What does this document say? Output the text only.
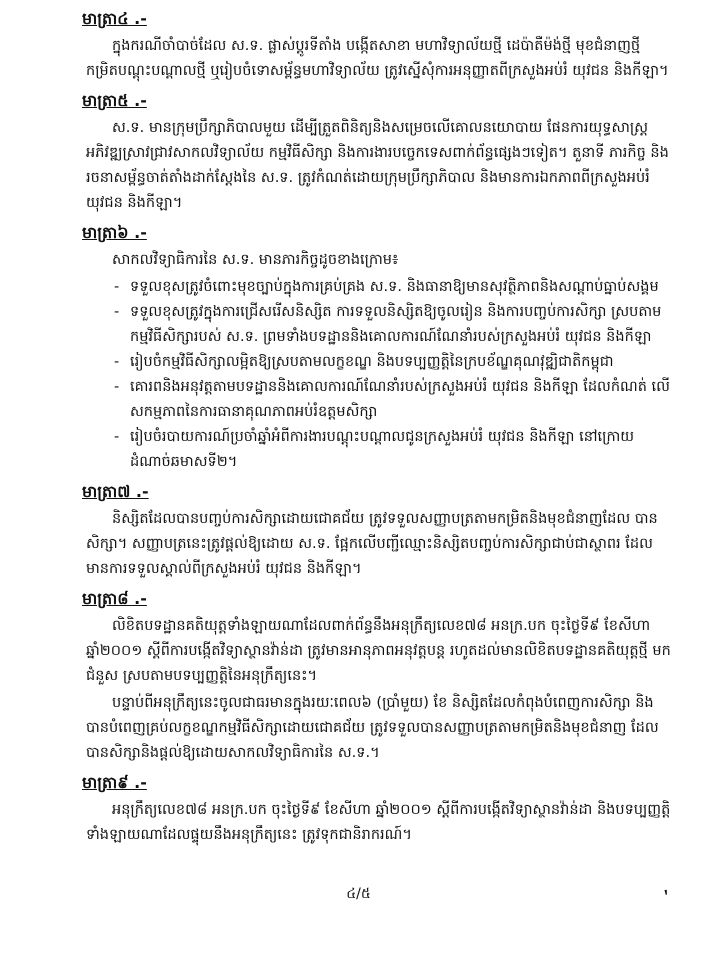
មាត្រា៤ .-

ក្នុងករណីចាំបាច់ដែល ស.ទ. ផ្លាស់ប្តូរទីតាំង បង្កើតសាខា មហាវិទ្យាល័យថ្មី ដេប៉ាតឺម៉ង់ថ្មី មុខជំនាញថ្មី កម្រិតបណ្តុះបណ្តាលថ្មី ឬរៀបចំទោសម្ព័ន្ធមហាវិទ្យាល័យ ត្រូវស្នើសុំការអនុញ្ញាតពីក្រសួងអប់រំ យុវជន និងកីឡា។

មាត្រា៥ .-

ស.ទ. មានក្រុមប្រឹក្សាភិបាលមួយ ដើម្បីត្រួតពិនិត្យនិងសម្រេចលើគោលនយោបាយ ផែនការយុទ្ធសាស្ត្រ អភិវឌ្ឍស្រាវជ្រាវសាកលវិទ្យាល័យ កម្មវិធីសិក្សា និងការងារបច្ចេកទេសពាក់ព័ន្ធផ្សេងៗទៀត។ តួនាទី ភារកិច្ច និងរចនាសម្ព័ន្ធចាត់តាំងដាក់ស្តែងនៃ ស.ទ. ត្រូវកំណត់ដោយក្រុមប្រឹក្សាភិបាល និងមានការឯកភាពពីក្រសួងអប់រំ យុវជន និងកីឡា។

មាត្រា៦ .-

សាកលវិទ្យាធិការនៃ ស.ទ. មានភារកិច្ចដូចខាងក្រោម៖

- ទទួលខុសត្រូវចំពោះមុខច្បាប់ក្នុងការគ្រប់គ្រង ស.ទ. និងធានាឱ្យមានសុវត្ថិភាពនិងសណ្តាប់ធ្នាប់សង្គម
- ទទួលខុសត្រូវក្នុងការជ្រើសរើសនិស្សិត ការទទួលនិស្សិតឱ្យចូលរៀន និងការបញ្ចប់ការសិក្សា ស្របតាម កម្មវិធីសិក្សារបស់ ស.ទ. ព្រមទាំងបទដ្ឋាននិងគោលការណ៍ណែនាំរបស់ក្រសួងអប់រំ យុវជន និងកីឡា
- រៀបចំកម្មវិធីសិក្សាលម្អិតឱ្យស្របតាមលក្ខខណ្ឌ និងបទប្បញ្ញត្តិនៃក្របខ័ណ្ឌគុណវុឌ្ឍិជាតិកម្ពុជា
- គោរពនិងអនុវត្តតាមបទដ្ឋាននិងគោលការណ៍ណែនាំរបស់ក្រសួងអប់រំ យុវជន និងកីឡា ដែលកំណត់ លើសកម្មភាពនៃការធានាគុណភាពអប់រំឧត្តមសិក្សា
- រៀបចំរបាយការណ៍ប្រចាំឆ្នាំអំពីការងារបណ្តុះបណ្តាលជូនក្រសួងអប់រំ យុវជន និងកីឡា នៅក្រោយ ដំណាច់ឆមាសទី២។
មាត្រា៧ .-

និស្សិតដែលបានបញ្ចប់ការសិក្សាដោយជោគជ័យ ត្រូវទទួលសញ្ញាបត្រតាមកម្រិតនិងមុខជំនាញដែល បានសិក្សា។ សញ្ញាបត្រនេះត្រូវផ្តល់ឱ្យដោយ ស.ទ. ផ្អែកលើបញ្ជីឈ្មោះនិស្សិតបញ្ចប់ការសិក្សាជាប់ជាស្ថាពរ ដែលមានការទទួលស្គាល់ពីក្រសួងអប់រំ យុវជន និងកីឡា។

មាត្រា៨ .-

លិខិតបទដ្ឋានគតិយុត្តទាំងឡាយណាដែលពាក់ព័ន្ធនឹងអនុក្រឹត្យលេខ៧៨ អនក្រ.បក ចុះថ្ងៃទី៩ ខែសីហា ឆ្នាំ២០០១ ស្តីពីការបង្កើតវិទ្យាស្ថានវ៉ាន់ដា ត្រូវមានអានុភាពអនុវត្តបន្ត រហូតដល់មានលិខិតបទដ្ឋានគតិយុត្តថ្មី មកជំនួស ស្របតាមបទប្បញ្ញត្តិនៃអនុក្រឹត្យនេះ។

បន្ទាប់ពីអនុក្រឹត្យនេះចូលជាធរមានក្នុងរយៈពេល៦ (ប្រាំមួយ) ខែ និស្សិតដែលកំពុងបំពេញការសិក្សា និងបានបំពេញគ្រប់លក្ខខណ្ឌកម្មវិធីសិក្សាដោយជោគជ័យ ត្រូវទទួលបានសញ្ញាបត្រតាមកម្រិតនិងមុខជំនាញ ដែលបានសិក្សានិងផ្តល់ឱ្យដោយសាកលវិទ្យាធិការនៃ ស.ទ.។

មាត្រា៩ .-

អនុក្រឹត្យលេខ៧៨ អនក្រ.បក ចុះថ្ងៃទី៩ ខែសីហា ឆ្នាំ២០០១ ស្តីពីការបង្កើតវិទ្យាស្ថានវ៉ាន់ដា និងបទប្បញ្ញត្តិ ទាំងឡាយណាដែលផ្ទុយនឹងអនុក្រឹត្យនេះ ត្រូវទុកជានិរាករណ៍។

៤/៥	ᡃ
